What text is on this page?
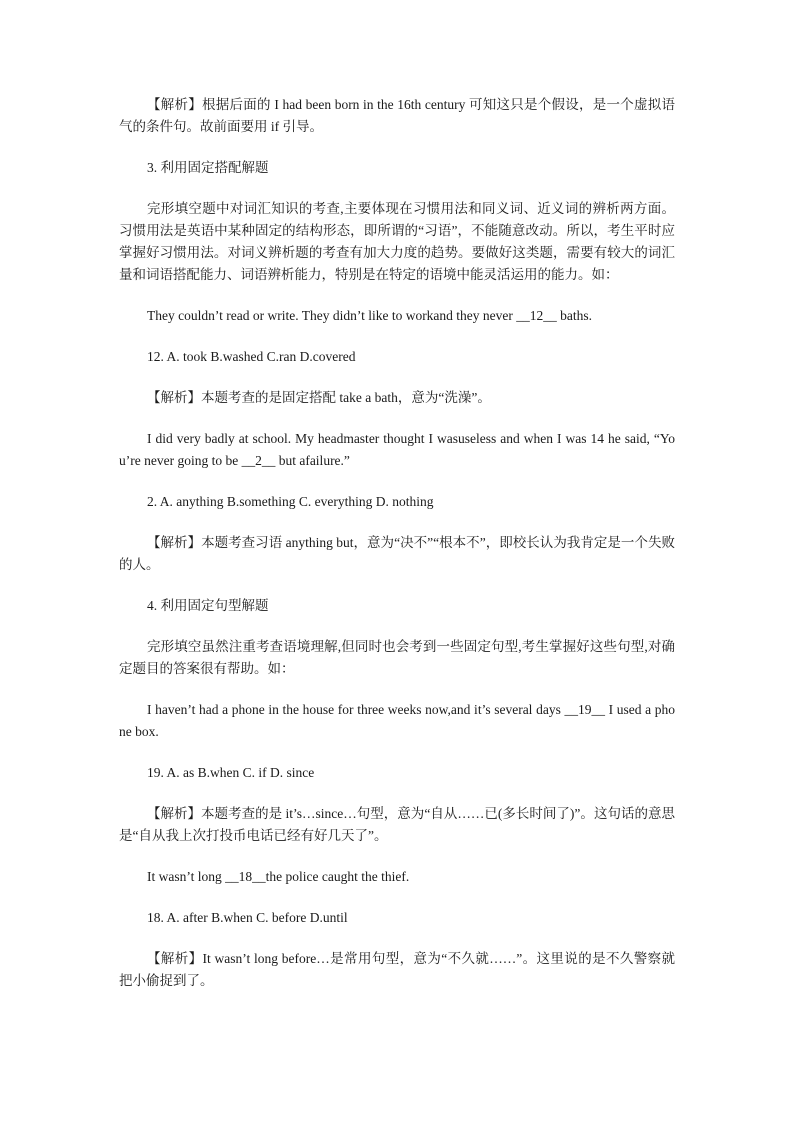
【解析】根据后面的 I had been born in the 16th century 可知这只是个假设，是一个虚拟语气的条件句。故前面要用 if 引导。

3. 利用固定搭配解题

完形填空题中对词汇知识的考查,主要体现在习惯用法和同义词、近义词的辨析两方面。习惯用法是英语中某种固定的结构形态，即所谓的“习语”，不能随意改动。所以，考生平时应掌握好习惯用法。对词义辨析题的考查有加大力度的趋势。要做好这类题，需要有较大的词汇量和词语搭配能力、词语辨析能力，特别是在特定的语境中能灵活运用的能力。如：

They couldn’t read or write. They didn’t like to workand they never __12__ baths.

12. A. took B.washed C.ran D.covered

【解析】本题考查的是固定搭配 take a bath，意为“洗澡”。

I did very badly at school. My headmaster thought I wasuseless and when I was 14 he said, “You’re never going to be __2__ but afailure.”

2. A. anything B.something C. everything D. nothing

【解析】本题考查习语 anything but，意为“决不”“根本不”，即校长认为我肯定是一个失败的人。

4. 利用固定句型解题

完形填空虽然注重考查语境理解,但同时也会考到一些固定句型,考生掌握好这些句型,对确定题目的答案很有帮助。如：

I haven’t had a phone in the house for three weeks now,and it’s several days __19__ I used a phone box.

19. A. as B.when C. if D. since

【解析】本题考查的是 it’s…since…句型，意为“自从……已(多长时间了)”。这句话的意思是“自从我上次打投币电话已经有好几天了”。

It wasn’t long __18__the police caught the thief.

18. A. after B.when C. before D.until

【解析】It wasn’t long before…是常用句型，意为“不久就……”。这里说的是不久警察就把小偷捉到了。
